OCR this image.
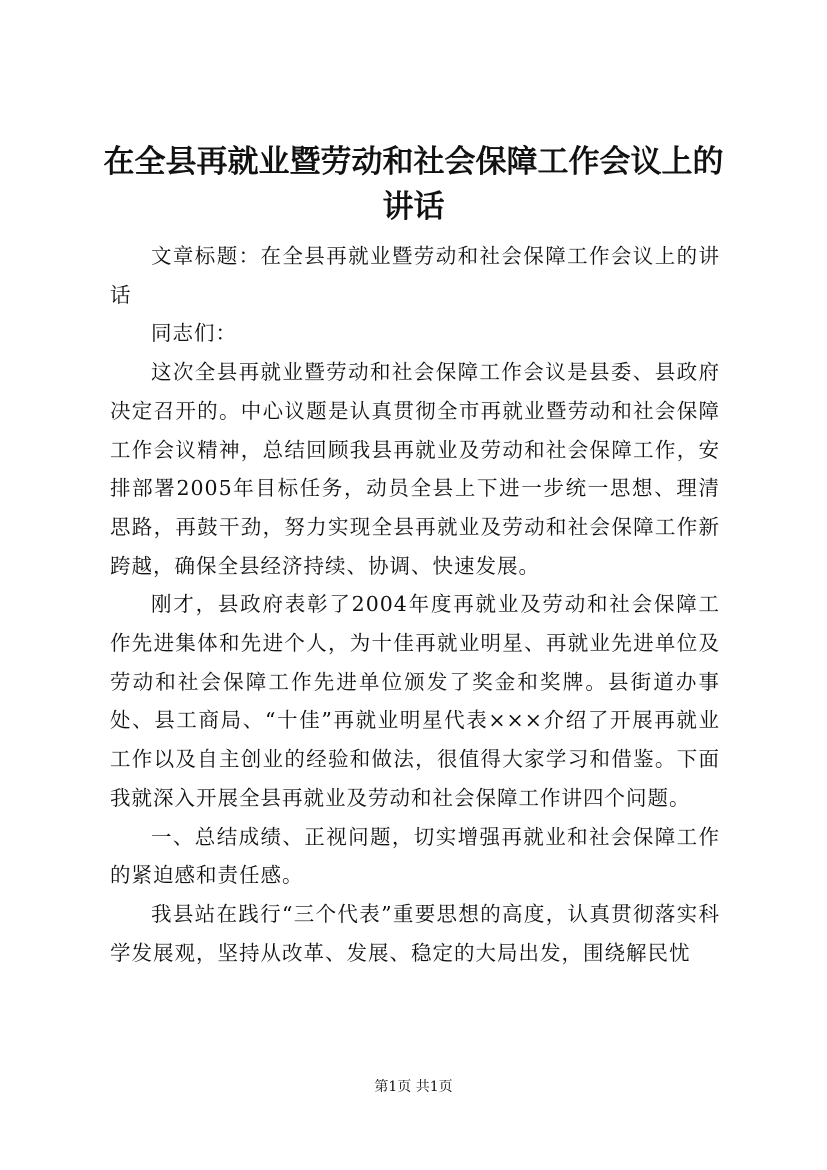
在全县再就业暨劳动和社会保障工作会议上的讲话

文章标题：在全县再就业暨劳动和社会保障工作会议上的讲话

同志们：

这次全县再就业暨劳动和社会保障工作会议是县委、县政府决定召开的。中心议题是认真贯彻全市再就业暨劳动和社会保障工作会议精神，总结回顾我县再就业及劳动和社会保障工作，安排部署2005年目标任务，动员全县上下进一步统一思想、理清思路，再鼓干劲，努力实现全县再就业及劳动和社会保障工作新跨越，确保全县经济持续、协调、快速发展。

刚才，县政府表彰了2004年度再就业及劳动和社会保障工作先进集体和先进个人，为十佳再就业明星、再就业先进单位及劳动和社会保障工作先进单位颁发了奖金和奖牌。县街道办事处、县工商局、“十佳”再就业明星代表×××介绍了开展再就业工作以及自主创业的经验和做法，很值得大家学习和借鉴。下面我就深入开展全县再就业及劳动和社会保障工作讲四个问题。

一、总结成绩、正视问题，切实增强再就业和社会保障工作的紧迫感和责任感。

我县站在践行“三个代表”重要思想的高度，认真贯彻落实科学发展观，坚持从改革、发展、稳定的大局出发，围绕解民忧

第1页 共1页
